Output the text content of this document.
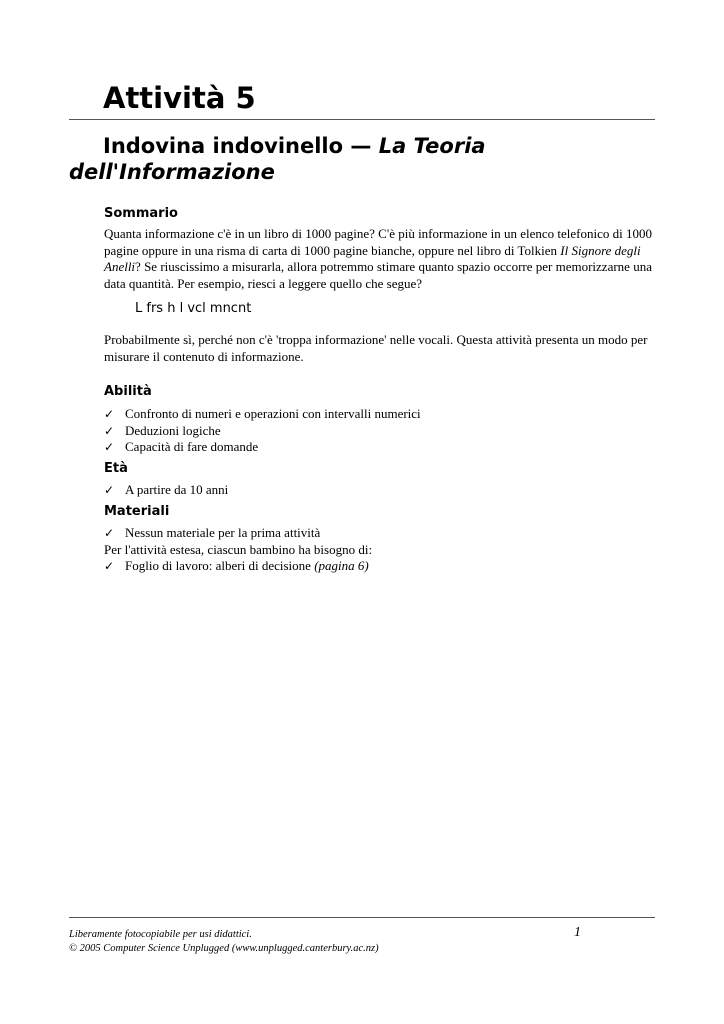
Attività 5
Indovina indovinello — La Teoria dell'Informazione
Sommario

Quanta informazione c'è in un libro di 1000 pagine? C'è più informazione in un elenco telefonico di 1000 pagine oppure in una risma di carta di 1000 pagine bianche, oppure nel libro di Tolkien Il Signore degli Anelli? Se riuscissimo a misurarla, allora potremmo stimare quanto spazio occorre per memorizzarne una data quantità. Per esempio, riesci a leggere quello che segue?

L frs h l vcl mncnt

Probabilmente sì, perché non c'è 'troppa informazione' nelle vocali. Questa attività presenta un modo per misurare il contenuto di informazione.

Abilità
✓ Confronto di numeri e operazioni con intervalli numerici
✓ Deduzioni logiche
✓ Capacità di fare domande
Età
✓ A partire da 10 anni
Materiali
✓ Nessun materiale per la prima attività

Per l'attività estesa, ciascun bambino ha bisogno di:

✓ Foglio di lavoro: alberi di decisione (pagina 6)

Liberamente fotocopiabile per usi didattici.

© 2005 Computer Science Unplugged (www.unplugged.canterbury.ac.nz)

1
